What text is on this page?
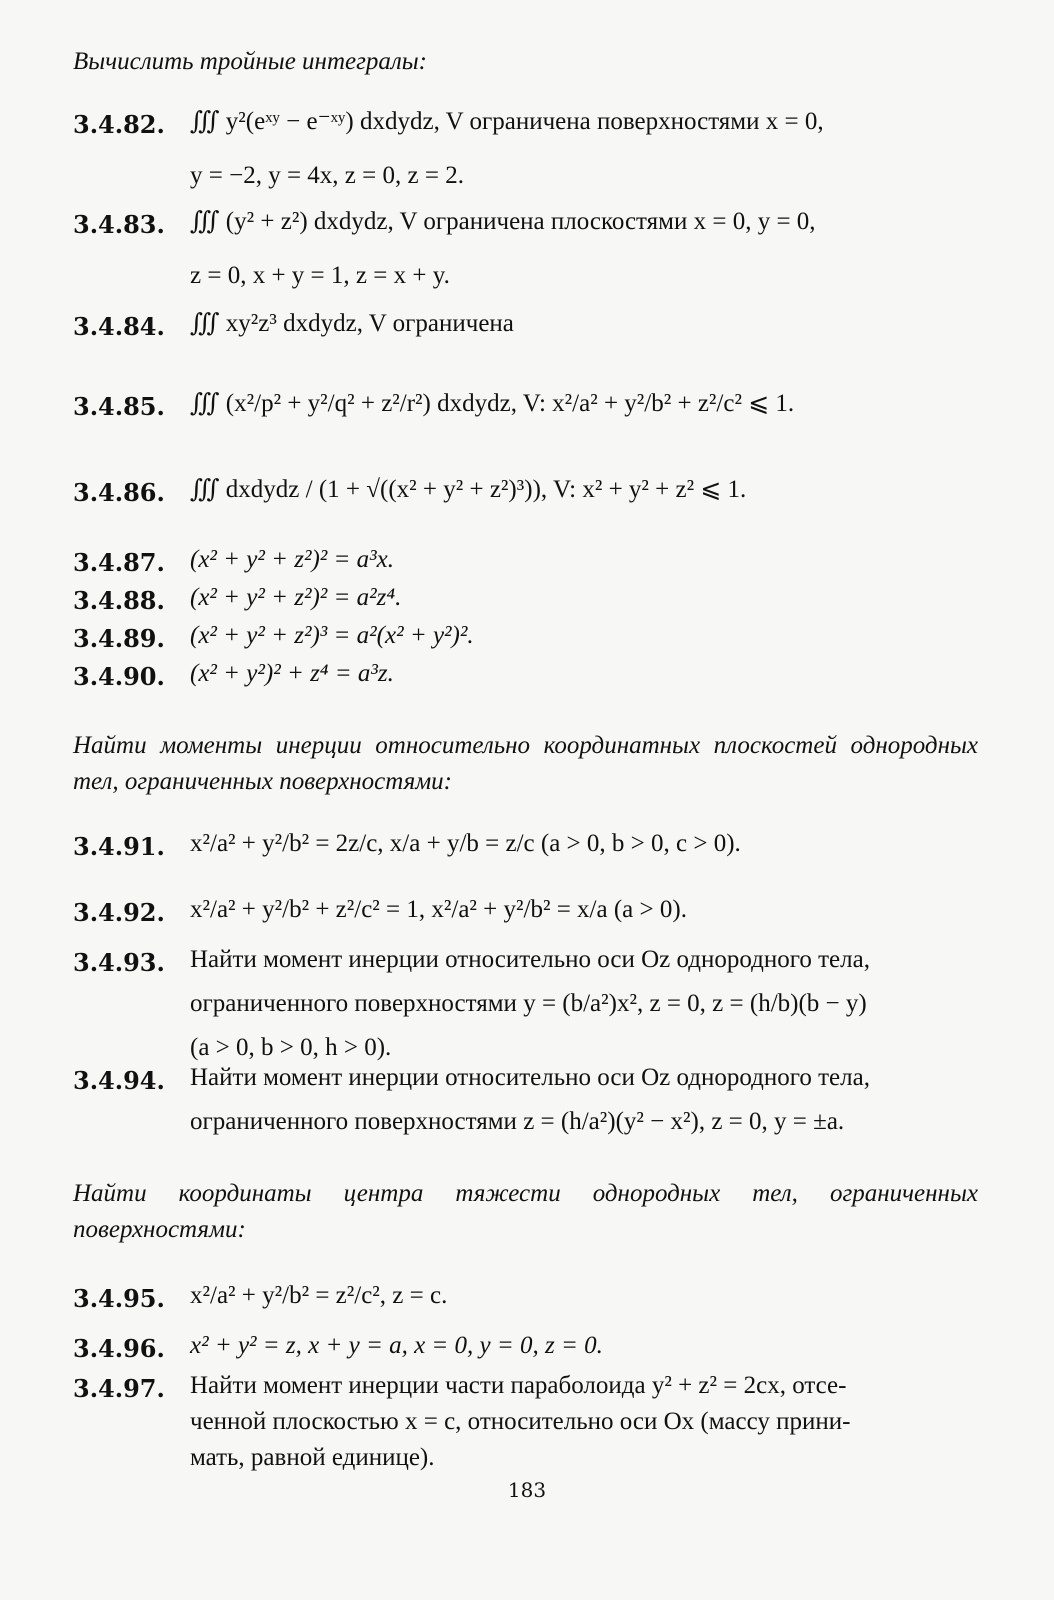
Вычислить тройные интегралы:
3.4.82. ∭ y²(eˣʸ − e⁻ˣʸ) dxdydz, V ограничена поверхностями x = 0,
y = −2, y = 4x, z = 0, z = 2.
3.4.83. ∭ (y² + z²) dxdydz, V ограничена плоскостями x = 0, y = 0,
z = 0, x + y = 1, z = x + y.
3.4.84. ∭ xy²z³ dxdydz, V ограничена
3.4.85. ∭ (x²/p² + y²/q² + z²/r²) dxdydz, V: x²/a² + y²/b² + z²/c² ⩽ 1.
3.4.86. ∭ dxdydz / (1 + √((x² + y² + z²)³)), V: x² + y² + z² ⩽ 1.
3.4.87. (x² + y² + z²)² = a³x.
3.4.88. (x² + y² + z²)² = a²z⁴.
3.4.89. (x² + y² + z²)³ = a²(x² + y²)².
3.4.90. (x² + y²)² + z⁴ = a³z.
Найти моменты инерции относительно координатных плоскостей однородных тел, ограниченных поверхностями:
3.4.91. x²/a² + y²/b² = 2z/c, x/a + y/b = z/c (a > 0, b > 0, c > 0).
3.4.92. x²/a² + y²/b² + z²/c² = 1, x²/a² + y²/b² = x/a (a > 0).
3.4.93. Найти момент инерции относительно оси Oz однородного тела,
ограниченного поверхностями y = (b/a²)x², z = 0, z = (h/b)(b − y)
(a > 0, b > 0, h > 0).
3.4.94. Найти момент инерции относительно оси Oz однородного тела,
ограниченного поверхностями z = (h/a²)(y² − x²), z = 0, y = ±a.
Найти координаты центра тяжести однородных тел, ограниченных поверхностями:
3.4.95. x²/a² + y²/b² = z²/c², z = c.
3.4.96. x² + y² = z, x + y = a, x = 0, y = 0, z = 0.
3.4.97. Найти момент инерции части параболоида y² + z² = 2cx, отсе-
ченной плоскостью x = c, относительно оси Ox (массу прини-
мать, равной единице).
183
